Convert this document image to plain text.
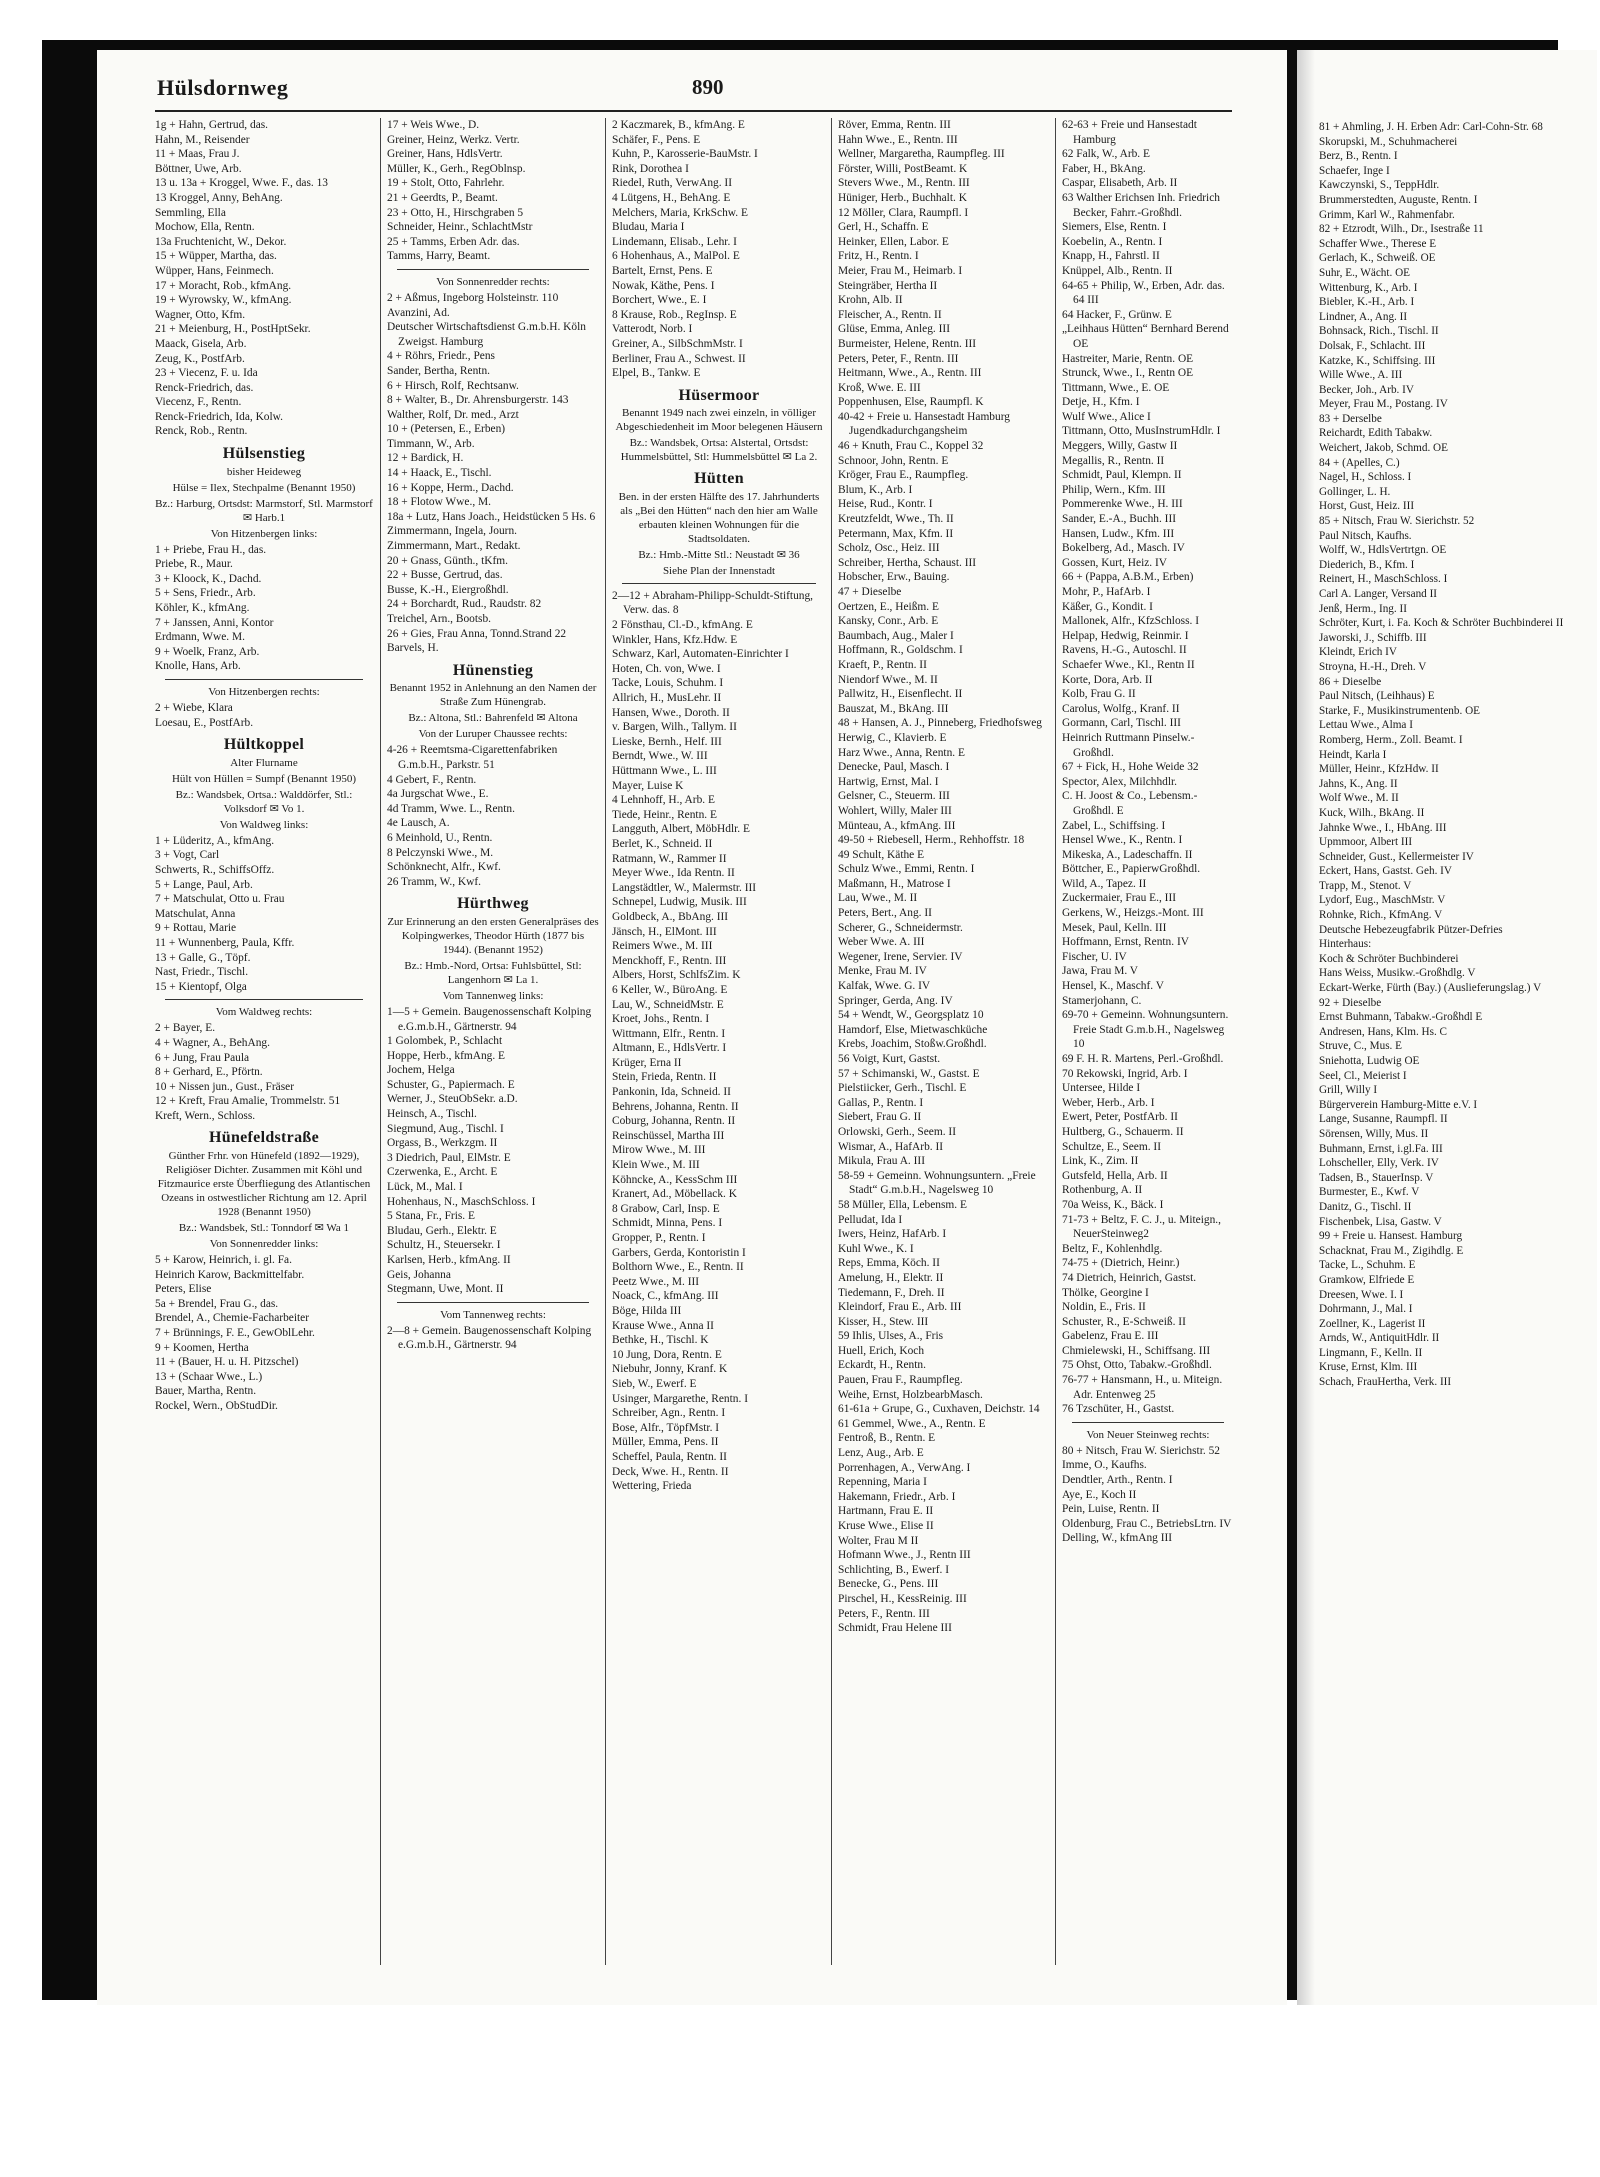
Hülsdornweg	890

1g + Hahn, Gertrud, das.

Hahn, M., Reisender

11 + Maas, Frau J.

Böttner, Uwe, Arb.

13 u. 13a + Kroggel, Wwe. F., das. 13

13 Kroggel, Anny, BehAng.

Semmling, Ella

Mochow, Ella, Rentn.

13a Fruchtenicht, W., Dekor.

15 + Wüpper, Martha, das.

Wüpper, Hans, Feinmech.

17 + Moracht, Rob., kfmAng.

19 + Wyrowsky, W., kfmAng.

Wagner, Otto, Kfm.

21 + Meienburg, H., PostHptSekr.

Maack, Gisela, Arb.

Zeug, K., PostfArb.

23 + Viecenz, F. u. Ida

Renck-Friedrich, das.

Viecenz, F., Rentn.

Renck-Friedrich, Ida, Kolw.

Renck, Rob., Rentn.

Hülsenstieg
bisher Heideweg
Hülse = Ilex, Stechpalme (Benannt 1950)
Bz.: Harburg, Ortsdst: Marmstorf, Stl. Marmstorf ✉ Harb.1
Von Hitzenbergen links:

1 + Priebe, Frau H., das.

Priebe, R., Maur.

3 + Kloock, K., Dachd.

5 + Sens, Friedr., Arb.

Köhler, K., kfmAng.

7 + Janssen, Anni, Kontor

Erdmann, Wwe. M.

9 + Woelk, Franz, Arb.

Knolle, Hans, Arb.

Von Hitzenbergen rechts:

2 + Wiebe, Klara

Loesau, E., PostfArb.

Hültkoppel
Alter Flurname
Hült von Hüllen = Sumpf (Benannt 1950)
Bz.: Wandsbek, Ortsa.: Walddörfer, Stl.: Volksdorf ✉ Vo 1.
Von Waldweg links:

1 + Lüderitz, A., kfmAng.

3 + Vogt, Carl

Schwerts, R., SchiffsOffz.

5 + Lange, Paul, Arb.

7 + Matschulat, Otto u. Frau

Matschulat, Anna

9 + Rottau, Marie

11 + Wunnenberg, Paula, Kffr.

13 + Galle, G., Töpf.

Nast, Friedr., Tischl.

15 + Kientopf, Olga

Vom Waldweg rechts:

2 + Bayer, E.

4 + Wagner, A., BehAng.

6 + Jung, Frau Paula

8 + Gerhard, E., Pförtn.

10 + Nissen jun., Gust., Fräser

12 + Kreft, Frau Amalie, Trommelstr. 51

Kreft, Wern., Schloss.

Hünefeldstraße
Günther Frhr. von Hünefeld (1892—1929), Religiöser Dichter. Zusammen mit Köhl und Fitzmaurice erste Überfliegung des Atlantischen Ozeans in ostwestlicher Richtung am 12. April 1928 (Benannt 1950)
Bz.: Wandsbek, Stl.: Tonndorf ✉ Wa 1
Von Sonnenredder links:

5 + Karow, Heinrich, i. gl. Fa.

Heinrich Karow, Backmittelfabr.

Peters, Elise

5a + Brendel, Frau G., das.

Brendel, A., Chemie-Facharbeiter

7 + Brünnings, F. E., GewOblLehr.

9 + Koomen, Hertha

11 + (Bauer, H. u. H. Pitzschel)

13 + (Schaar Wwe., L.)

Bauer, Martha, Rentn.

Rockel, Wern., ObStudDir.

17 + Weis Wwe., D.

Greiner, Heinz, Werkz. Vertr.

Greiner, Hans, HdlsVertr.

Müller, K., Gerh., RegOblnsp.

19 + Stolt, Otto, Fahrlehr.

21 + Geerdts, P., Beamt.

23 + Otto, H., Hirschgraben 5

Schneider, Heinr., SchlachtMstr

25 + Tamms, Erben Adr. das.

Tamms, Harry, Beamt.

Von Sonnenredder rechts:

2 + Aßmus, Ingeborg Holsteinstr. 110

Avanzini, Ad.

Deutscher Wirtschaftsdienst G.m.b.H. Köln Zweigst. Hamburg

4 + Röhrs, Friedr., Pens

Sander, Bertha, Rentn.

6 + Hirsch, Rolf, Rechtsanw.

8 + Walter, B., Dr. Ahrensburgerstr. 143

Walther, Rolf, Dr. med., Arzt

10 + (Petersen, E., Erben)

Timmann, W., Arb.

12 + Bardick, H.

14 + Haack, E., Tischl.

16 + Koppe, Herm., Dachd.

18 + Flotow Wwe., M.

18a + Lutz, Hans Joach., Heidstücken 5 Hs. 6

Zimmermann, Ingela, Journ.

Zimmermann, Mart., Redakt.

20 + Gnass, Günth., tKfm.

22 + Busse, Gertrud, das.

Busse, K.-H., Eiergroßhdl.

24 + Borchardt, Rud., Raudstr. 82

Treichel, Arn., Bootsb.

26 + Gies, Frau Anna, Tonnd.Strand 22

Barvels, H.

Hünenstieg
Benannt 1952 in Anlehnung an den Namen der Straße Zum Hünengrab.
Bz.: Altona, Stl.: Bahrenfeld ✉ Altona
Von der Luruper Chaussee rechts:

4-26 + Reemtsma-Cigarettenfabriken G.m.b.H., Parkstr. 51

4 Gebert, F., Rentn.

4a Jurgschat Wwe., E.

4d Tramm, Wwe. L., Rentn.

4e Lausch, A.

6 Meinhold, U., Rentn.

8 Pelczynski Wwe., M.

Schönknecht, Alfr., Kwf.

26 Tramm, W., Kwf.

Hürthweg
Zur Erinnerung an den ersten Generalpräses des Kolpingwerkes, Theodor Hürth (1877 bis 1944). (Benannt 1952)
Bz.: Hmb.-Nord, Ortsa: Fuhlsbüttel, Stl: Langenhorn ✉ La 1.
Vom Tannenweg links:

1—5 + Gemein. Baugenossenschaft Kolping e.G.m.b.H., Gärtnerstr. 94

1 Golombek, P., Schlacht

Hoppe, Herb., kfmAng. E

Jochem, Helga

Schuster, G., Papiermach. E

Werner, J., SteuObSekr. a.D.

Heinsch, A., Tischl.

Siegmund, Aug., Tischl. I

Orgass, B., Werkzgm. II

3 Diedrich, Paul, ElMstr. E

Czerwenka, E., Archt. E

Lück, M., Mal. I

Hohenhaus, N., MaschSchloss. I

5 Stana, Fr., Fris. E

Bludau, Gerh., Elektr. E

Schultz, H., Steuersekr. I

Karlsen, Herb., kfmAng. II

Geis, Johanna

Stegmann, Uwe, Mont. II

Vom Tannenweg rechts:

2—8 + Gemein. Baugenossenschaft Kolping e.G.m.b.H., Gärtnerstr. 94

2 Kaczmarek, B., kfmAng. E

Schäfer, F., Pens. E

Kuhn, P., Karosserie-BauMstr. I

Rink, Dorothea I

Riedel, Ruth, VerwAng. II

4 Lütgens, H., BehAng. E

Melchers, Maria, KrkSchw. E

Bludau, Maria I

Lindemann, Elisab., Lehr. I

6 Hohenhaus, A., MalPol. E

Bartelt, Ernst, Pens. E

Nowak, Käthe, Pens. I

Borchert, Wwe., E. I

8 Krause, Rob., RegInsp. E

Vatterodt, Norb. I

Greiner, A., SilbSchmMstr. I

Berliner, Frau A., Schwest. II

Elpel, B., Tankw. E

Hüsermoor
Benannt 1949 nach zwei einzeln, in völliger Abgeschiedenheit im Moor belegenen Häusern
Bz.: Wandsbek, Ortsa: Alstertal, Ortsdst: Hummelsbüttel, Stl: Hummelsbüttel ✉ La 2.
Hütten
Ben. in der ersten Hälfte des 17. Jahrhunderts als „Bei den Hütten“ nach den hier am Walle erbauten kleinen Wohnungen für die Stadtsoldaten.
Bz.: Hmb.-Mitte Stl.: Neustadt ✉ 36
Siehe Plan der Innenstadt

2—12 + Abraham-Philipp-Schuldt-Stiftung, Verw. das. 8

2 Fönsthau, Cl.-D., kfmAng. E

Winkler, Hans, Kfz.Hdw. E

Schwarz, Karl, Automaten-Einrichter I

Hoten, Ch. von, Wwe. I

Tacke, Louis, Schuhm. I

Allrich, H., MusLehr. II

Hansen, Wwe., Doroth. II

v. Bargen, Wilh., Tallym. II

Lieske, Bernh., Helf. III

Berndt, Wwe., W. III

Hüttmann Wwe., L. III

Mayer, Luise K

4 Lehnhoff, H., Arb. E

Tiede, Heinr., Rentn. E

Langguth, Albert, MöbHdlr. E

Berlet, K., Schneid. II

Ratmann, W., Rammer II

Meyer Wwe., Ida Rentn. II

Langstädtler, W., Malermstr. III

Schnepel, Ludwig, Musik. III

Goldbeck, A., BbAng. III

Jänsch, H., ElMont. III

Reimers Wwe., M. III

Menckhoff, F., Rentn. III

Albers, Horst, SchlfsZim. K

6 Keller, W., BüroAng. E

Lau, W., SchneidMstr. E

Kroet, Johs., Rentn. I

Wittmann, Elfr., Rentn. I

Altmann, E., HdlsVertr. I

Krüger, Erna II

Stein, Frieda, Rentn. II

Pankonin, Ida, Schneid. II

Behrens, Johanna, Rentn. II

Coburg, Johanna, Rentn. II

Reinschüssel, Martha III

Mirow Wwe., M. III

Klein Wwe., M. III

Köhncke, A., KessSchm III

Kranert, Ad., Möbellack. K

8 Grabow, Carl, Insp. E

Schmidt, Minna, Pens. I

Gropper, P., Rentn. I

Garbers, Gerda, Kontoristin I

Bolthorn Wwe., E., Rentn. II

Peetz Wwe., M. III

Noack, C., kfmAng. III

Böge, Hilda III

Krause Wwe., Anna II

Bethke, H., Tischl. K

10 Jung, Dora, Rentn. E

Niebuhr, Jonny, Kranf. K

Sieb, W., Ewerf. E

Usinger, Margarethe, Rentn. I

Schreiber, Agn., Rentn. I

Bose, Alfr., TöpfMstr. I

Müller, Emma, Pens. II

Scheffel, Paula, Rentn. II

Deck, Wwe. H., Rentn. II

Wettering, Frieda

Röver, Emma, Rentn. III

Hahn Wwe., E., Rentn. III

Wellner, Margaretha, Raumpfleg. III

Förster, Willi, PostBeamt. K

Stevers Wwe., M., Rentn. III

Hüniger, Herb., Buchhalt. K

12 Möller, Clara, Raumpfl. I

Gerl, H., Schaffn. E

Heinker, Ellen, Labor. E

Fritz, H., Rentn. I

Meier, Frau M., Heimarb. I

Steingräber, Hertha II

Krohn, Alb. II

Fleischer, A., Rentn. II

Glüse, Emma, Anleg. III

Burmeister, Helene, Rentn. III

Peters, Peter, F., Rentn. III

Heitmann, Wwe., A., Rentn. III

Kroß, Wwe. E. III

Poppenhusen, Else, Raumpfl. K

40-42 + Freie u. Hansestadt Hamburg Jugendkadurchgangsheim

46 + Knuth, Frau C., Koppel 32

Schnoor, John, Rentn. E

Kröger, Frau E., Raumpfleg.

Blum, K., Arb. I

Heise, Rud., Kontr. I

Kreutzfeldt, Wwe., Th. II

Petermann, Max, Kfm. II

Scholz, Osc., Heiz. III

Schreiber, Hertha, Schaust. III

Hobscher, Erw., Bauing.

47 + Dieselbe

Oertzen, E., Heißm. E

Kansky, Conr., Arb. E

Baumbach, Aug., Maler I

Hoffmann, R., Goldschm. I

Kraeft, P., Rentn. II

Niendorf Wwe., M. II

Pallwitz, H., Eisenflecht. II

Bauszat, M., BkAng. III

48 + Hansen, A. J., Pinneberg, Friedhofsweg

Herwig, C., Klavierb. E

Harz Wwe., Anna, Rentn. E

Denecke, Paul, Masch. I

Hartwig, Ernst, Mal. I

Gelsner, C., Steuerm. III

Wohlert, Willy, Maler III

Münteau, A., kfmAng. III

49-50 + Riebesell, Herm., Rehhoffstr. 18

49 Schult, Käthe E

Schulz Wwe., Emmi, Rentn. I

Maßmann, H., Matrose I

Lau, Wwe., M. II

Peters, Bert., Ang. II

Scherer, G., Schneidermstr.

Weber Wwe. A. III

Wegener, Irene, Servier. IV

Menke, Frau M. IV

Kalfak, Wwe. G. IV

Springer, Gerda, Ang. IV

54 + Wendt, W., Georgsplatz 10

Hamdorf, Else, Mietwaschküche

Krebs, Joachim, Stoßw.Großhdl.

56 Voigt, Kurt, Gastst.

57 + Schimanski, W., Gastst. E

Pielstiicker, Gerh., Tischl. E

Gallas, P., Rentn. I

Siebert, Frau G. II

Orlowski, Gerh., Seem. II

Wismar, A., HafArb. II

Mikula, Frau A. III

58-59 + Gemeinn. Wohnungsuntern. „Freie Stadt“ G.m.b.H., Nagelsweg 10

58 Müller, Ella, Lebensm. E

Pelludat, Ida I

Iwers, Heinz, HafArb. I

Kuhl Wwe., K. I

Reps, Emma, Köch. II

Amelung, H., Elektr. II

Tiedemann, F., Dreh. II

Kleindorf, Frau E., Arb. III

Kisser, H., Stew. III

59 Ihlis, Ulses, A., Fris

Huell, Erich, Koch

Eckardt, H., Rentn.

Pauen, Frau F., Raumpfleg.

Weihe, Ernst, HolzbearbMasch.

61-61a + Grupe, G., Cuxhaven, Deichstr. 14

61 Gemmel, Wwe., A., Rentn. E

Fentroß, B., Rentn. E

Lenz, Aug., Arb. E

Porrenhagen, A., VerwAng. I

Repenning, Maria I

Hakemann, Friedr., Arb. I

Hartmann, Frau E. II

Kruse Wwe., Elise II

Wolter, Frau M II

Hofmann Wwe., J., Rentn III

Schlichting, B., Ewerf. I

Benecke, G., Pens. III

Pirschel, H., KessReinig. III

Peters, F., Rentn. III

Schmidt, Frau Helene III

62-63 + Freie und Hansestadt Hamburg

62 Falk, W., Arb. E

Faber, H., BkAng.

Caspar, Elisabeth, Arb. II

63 Walther Erichsen Inh. Friedrich Becker, Fahrr.-Großhdl.

Siemers, Else, Rentn. I

Koebelin, A., Rentn. I

Knapp, H., Fahrstl. II

Knüppel, Alb., Rentn. II

64-65 + Philip, W., Erben, Adr. das. 64 III

64 Hacker, F., Grünw. E

„Leihhaus Hütten“ Bernhard Berend OE

Hastreiter, Marie, Rentn. OE

Strunck, Wwe., I., Rentn OE

Tittmann, Wwe., E. OE

Detje, H., Kfm. I

Wulf Wwe., Alice I

Tittmann, Otto, MusInstrumHdlr. I

Meggers, Willy, Gastw II

Megallis, R., Rentn. II

Schmidt, Paul, Klempn. II

Philip, Wern., Kfm. III

Pommerenke Wwe., H. III

Sander, E.-A., Buchh. III

Hansen, Ludw., Kfm. III

Bokelberg, Ad., Masch. IV

Gossen, Kurt, Heiz. IV

66 + (Pappa, A.B.M., Erben)

Mohr, P., HafArb. I

Käßer, G., Kondit. I

Mallonek, Alfr., KfzSchloss. I

Helpap, Hedwig, Reinmir. I

Ravens, H.-G., Autoschl. II

Schaefer Wwe., Kl., Rentn II

Korte, Dora, Arb. II

Kolb, Frau G. II

Carolus, Wolfg., Kranf. II

Gormann, Carl, Tischl. III

Heinrich Ruttmann Pinselw.-Großhdl.

67 + Fick, H., Hohe Weide 32

Spector, Alex, Milchhdlr.

C. H. Joost & Co., Lebensm.-Großhdl. E

Zabel, L., Schiffsing. I

Hensel Wwe., K., Rentn. I

Mikeska, A., Ladeschaffn. II

Böttcher, E., PapierwGroßhdl.

Wild, A., Tapez. II

Zuckermaier, Frau E., III

Gerkens, W., Heizgs.-Mont. III

Mesek, Paul, Kelln. III

Hoffmann, Ernst, Rentn. IV

Fischer, U. IV

Jawa, Frau M. V

Hensel, K., Maschf. V

Stamerjohann, C.

69-70 + Gemeinn. Wohnungsuntern. Freie Stadt G.m.b.H., Nagelsweg 10

69 F. H. R. Martens, Perl.-Großhdl.

70 Rekowski, Ingrid, Arb. I

Untersee, Hilde I

Weber, Herb., Arb. I

Ewert, Peter, PostfArb. II

Hultberg, G., Schauerm. II

Schultze, E., Seem. II

Link, K., Zim. II

Gutsfeld, Hella, Arb. II

Rothenburg, A. II

70a Weiss, K., Bäck. I

71-73 + Beltz, F. C. J., u. Miteign., NeuerSteinweg2

Beltz, F., Kohlenhdlg.

74-75 + (Dietrich, Heinr.)

74 Dietrich, Heinrich, Gastst.

Thölke, Georgine I

Noldin, E., Fris. II

Schuster, R., E-Schweiß. II

Gabelenz, Frau E. III

Chmielewski, H., Schiffsang. III

75 Ohst, Otto, Tabakw.-Großhdl.

76-77 + Hansmann, H., u. Miteign. Adr. Entenweg 25

76 Tzschüter, H., Gastst.

Von Neuer Steinweg rechts:

80 + Nitsch, Frau W. Sierichstr. 52

Imme, O., Kaufhs.

Dendtler, Arth., Rentn. I

Aye, E., Koch II

Pein, Luise, Rentn. II

Oldenburg, Frau C., BetriebsLtrn. IV

Delling, W., kfmAng III

81 + Ahmling, J. H. Erben Adr: Carl-Cohn-Str. 68

Skorupski, M., Schuhmacherei

Berz, B., Rentn. I

Schaefer, Inge I

Kawczynski, S., TeppHdlr.

Brummerstedten, Auguste, Rentn. I

Grimm, Karl W., Rahmenfabr.

82 + Etzrodt, Wilh., Dr., Isestraße 11

Schaffer Wwe., Therese E

Gerlach, K., Schweiß. OE

Suhr, E., Wächt. OE

Wittenburg, K., Arb. I

Biebler, K.-H., Arb. I

Lindner, A., Ang. II

Bohnsack, Rich., Tischl. II

Dolsak, F., Schlacht. III

Katzke, K., Schiffsing. III

Wille Wwe., A. III

Becker, Joh., Arb. IV

Meyer, Frau M., Postang. IV

83 + Derselbe

Reichardt, Edith Tabakw.

Weichert, Jakob, Schmd. OE

84 + (Apelles, C.)

Nagel, H., Schloss. I

Gollinger, L. H.

Horst, Gust, Heiz. III

85 + Nitsch, Frau W. Sierichstr. 52

Paul Nitsch, Kaufhs.

Wolff, W., HdlsVertrtgn. OE

Diederich, B., Kfm. I

Reinert, H., MaschSchloss. I

Carl A. Langer, Versand II

Jenß, Herm., Ing. II

Schröter, Kurt, i. Fa. Koch & Schröter Buchbinderei II

Jaworski, J., Schiffb. III

Kleindt, Erich IV

Stroyna, H.-H., Dreh. V

86 + Dieselbe

Paul Nitsch, (Leihhaus) E

Starke, F., Musikinstrumentenb. OE

Lettau Wwe., Alma I

Romberg, Herm., Zoll. Beamt. I

Heindt, Karla I

Müller, Heinr., KfzHdw. II

Jahns, K., Ang. II

Wolf Wwe., M. II

Kuck, Wilh., BkAng. II

Jahnke Wwe., I., HbAng. III

Upmmoor, Albert III

Schneider, Gust., Kellermeister IV

Eckert, Hans, Gastst. Geh. IV

Trapp, M., Stenot. V

Lydorf, Eug., MaschMstr. V

Rohnke, Rich., KfmAng. V

Deutsche Hebezeugfabrik Pützer-Defries

Hinterhaus:

Koch & Schröter Buchbinderei

Hans Weiss, Musikw.-Großhdlg. V

Eckart-Werke, Fürth (Bay.) (Auslieferungslag.) V

92 + Dieselbe

Ernst Buhmann, Tabakw.-Großhdl E

Andresen, Hans, Klm. Hs. C

Struve, C., Mus. E

Sniehotta, Ludwig OE

Seel, Cl., Meierist I

Grill, Willy I

Bürgerverein Hamburg-Mitte e.V. I

Lange, Susanne, Raumpfl. II

Sörensen, Willy, Mus. II

Buhmann, Ernst, i.gl.Fa. III

Lohscheller, Elly, Verk. IV

Tadsen, B., StauerInsp. V

Burmester, E., Kwf. V

Danitz, G., Tischl. II

Fischenbek, Lisa, Gastw. V

99 + Freie u. Hansest. Hamburg

Schacknat, Frau M., Zigihdlg. E

Tacke, L., Schuhm. E

Gramkow, Elfriede E

Dreesen, Wwe. I. I

Dohrmann, J., Mal. I

Zoellner, K., Lagerist II

Arnds, W., AntiquitHdlr. II

Lingmann, F., Kelln. II

Kruse, Ernst, Klm. III

Schach, FrauHertha, Verk. III
